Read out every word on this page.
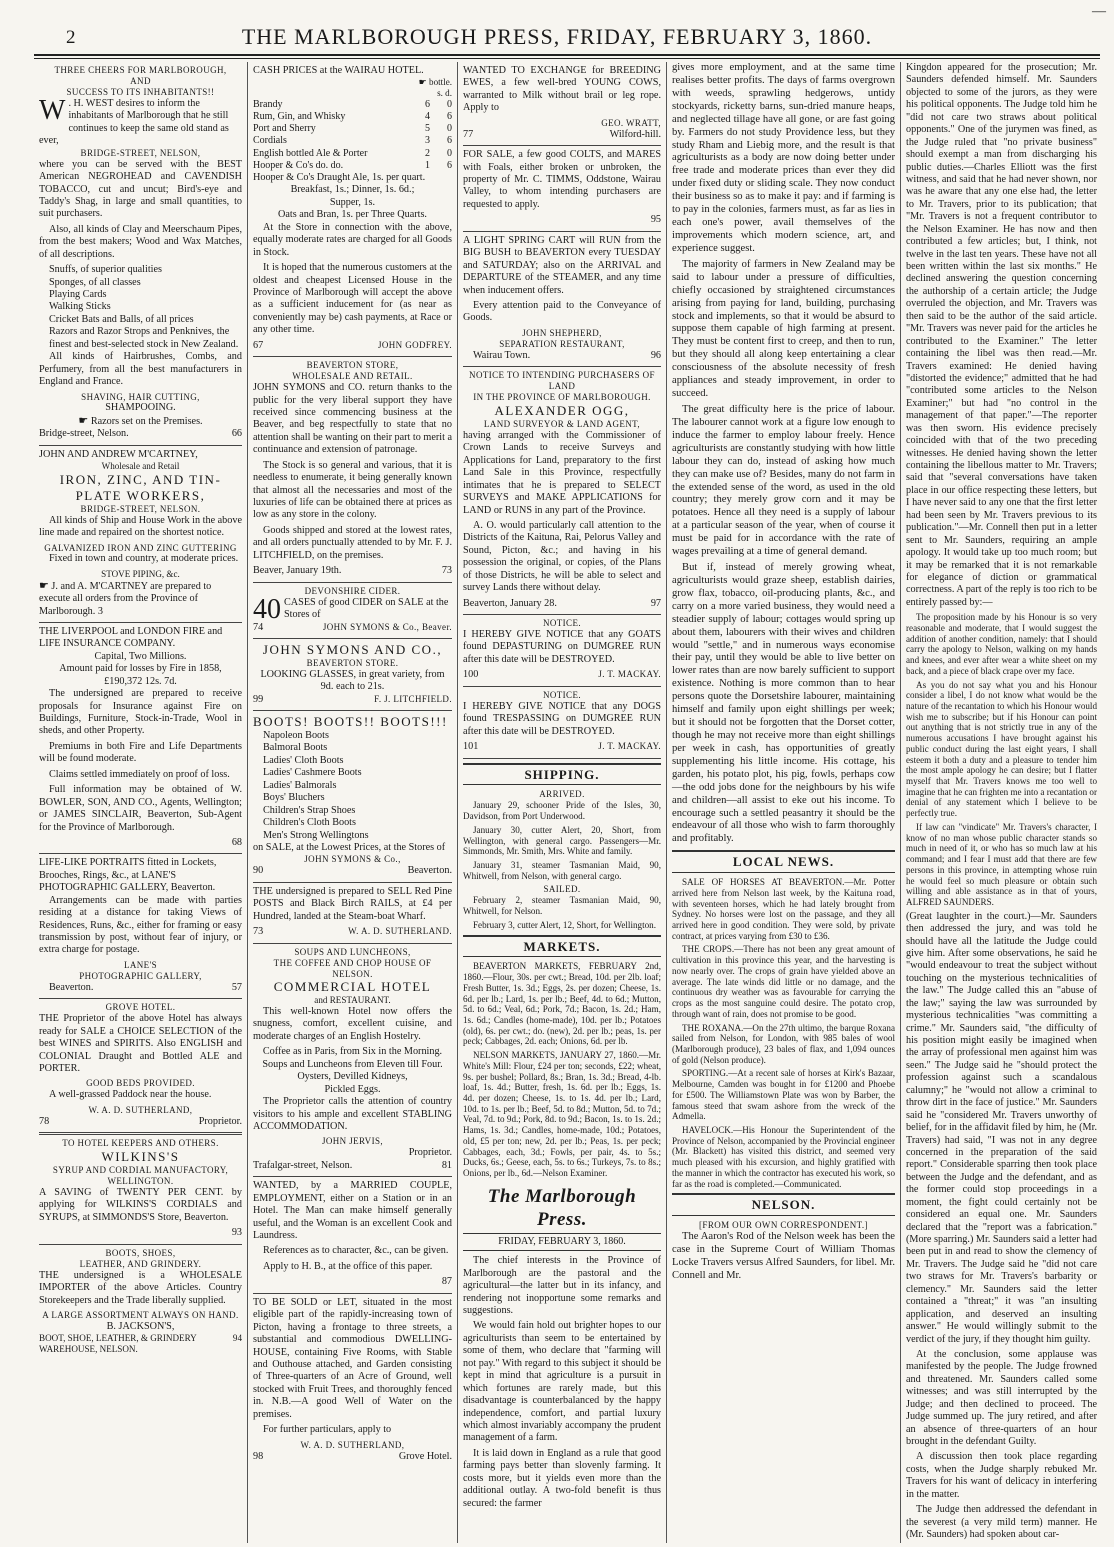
2	THE MARLBOROUGH PRESS, FRIDAY, FEBRUARY 3, 1860.
—
THREE CHEERS FOR MARLBOROUGH,
AND
SUCCESS TO ITS INHABITANTS!!
W . H. WEST desires to inform the inhabitants of Marlborough that he still continues to keep the same old stand as ever,
BRIDGE-STREET, NELSON,

where you can be served with the BEST American NEGROHEAD and CAVENDISH TOBACCO, cut and uncut; Bird's-eye and Taddy's Shag, in large and small quantities, to suit purchasers.

Also, all kinds of Clay and Meerschaum Pipes, from the best makers; Wood and Wax Matches, of all descriptions.

Snuffs, of superior qualities
Sponges, of all classes
Playing Cards
Walking Sticks
Cricket Bats and Balls, of all prices
Razors and Razor Strops and Penknives, the finest and best-selected stock in New Zealand.

All kinds of Hairbrushes, Combs, and Perfumery, from all the best manufacturers in England and France.

SHAVING, HAIR CUTTING,
SHAMPOOING.
☛ Razors set on the Premises.
Bridge-street, Nelson.	66
JOHN AND ANDREW M'CARTNEY,
Wholesale and Retail
IRON, ZINC, AND TIN-PLATE WORKERS,
BRIDGE-STREET, NELSON.

All kinds of Ship and House Work in the above line made and repaired on the shortest notice.

GALVANIZED IRON AND ZINC GUTTERING

Fixed in town and country, at moderate prices.

STOVE PIPING, &c.
☛ J. and A. M'CARTNEY are prepared to execute all orders from the Province of Marlborough. 3
THE LIVERPOOL and LONDON FIRE and LIFE INSURANCE COMPANY.
Capital, Two Millions.
Amount paid for losses by Fire in 1858, £190,372 12s. 7d.

The undersigned are prepared to receive proposals for Insurance against Fire on Buildings, Furniture, Stock-in-Trade, Wool in sheds, and other Property.

Premiums in both Fire and Life Departments will be found moderate.

Claims settled immediately on proof of loss.

Full information may be obtained of W. BOWLER, SON, AND CO., Agents, Wellington; or JAMES SINCLAIR, Beaverton, Sub-Agent for the Province of Marlborough.

68
LIFE-LIKE PORTRAITS fitted in Lockets, Brooches, Rings, &c., at LANE'S PHOTOGRAPHIC GALLERY, Beaverton.

Arrangements can be made with parties residing at a distance for taking Views of Residences, Runs, &c., either for framing or easy transmission by post, without fear of injury, or extra charge for postage.

LANE'S
PHOTOGRAPHIC GALLERY,
Beaverton.	57
GROVE HOTEL.

THE Proprietor of the above Hotel has always ready for SALE a CHOICE SELECTION of the best WINES and SPIRITS. Also ENGLISH and COLONIAL Draught and Bottled ALE and PORTER.

GOOD BEDS PROVIDED.

A well-grassed Paddock near the house.

W. A. D. SUTHERLAND,
78	Proprietor.
TO HOTEL KEEPERS AND OTHERS.
WILKINS'S
SYRUP AND CORDIAL MANUFACTORY, WELLINGTON.

A SAVING of TWENTY PER CENT. by applying for WILKINS'S CORDIALS and SYRUPS, at SIMMONDS'S Store, Beaverton.

93
BOOTS, SHOES,
LEATHER, AND GRINDERY.

THE undersigned is a WHOLESALE IMPORTER of the above Articles. Country Storekeepers and the Trade liberally supplied.

A LARGE ASSORTMENT ALWAYS ON HAND.
B. JACKSON'S,
BOOT, SHOE, LEATHER, & GRINDERY WAREHOUSE, NELSON.
94
CASH PRICES at the WAIRAU HOTEL.
☛ bottle.
s. d.
Brandy	6	0
Rum, Gin, and Whisky	4	6
Port and Sherry	5	0
Cordials	3	6
English bottled Ale & Porter	2	0
Hooper & Co's do. do.	1	6
Hooper & Co's Draught Ale, 1s. per quart.
Breakfast, 1s.; Dinner, 1s. 6d.;
Supper, 1s.
Oats and Bran, 1s. per Three Quarts.

At the Store in connection with the above, equally moderate rates are charged for all Goods in Stock.

It is hoped that the numerous customers at the oldest and cheapest Licensed House in the Province of Marlborough will accept the above as a sufficient inducement for (as near as conveniently may be) cash payments, at Race or any other time.

67	JOHN GODFREY.
BEAVERTON STORE,
WHOLESALE AND RETAIL.

JOHN SYMONS and CO. return thanks to the public for the very liberal support they have received since commencing business at the Beaver, and beg respectfully to state that no attention shall be wanting on their part to merit a continuance and extension of patronage.

The Stock is so general and various, that it is needless to enumerate, it being generally known that almost all the necessaries and most of the luxuries of life can be obtained there at prices as low as any store in the colony.

Goods shipped and stored at the lowest rates, and all orders punctually attended to by Mr. F. J. LITCHFIELD, on the premises.

Beaver, January 19th.	73
DEVONSHIRE CIDER.
40 CASES of good CIDER on SALE at the Stores of
74	JOHN SYMONS & Co., Beaver.
JOHN SYMONS AND CO.,
BEAVERTON STORE.
LOOKING GLASSES, in great variety, from 9d. each to 21s.
99	F. J. LITCHFIELD.
BOOTS! BOOTS!! BOOTS!!!
Napoleon Boots
Balmoral Boots
Ladies' Cloth Boots
Ladies' Cashmere Boots
Ladies' Balmorals
Boys' Bluchers
Children's Strap Shoes
Children's Cloth Boots
Men's Strong Wellingtons
on SALE, at the Lowest Prices, at the Stores of
JOHN SYMONS & Co.,
90	Beaverton.

THE undersigned is prepared to SELL Red Pine POSTS and Black Birch RAILS, at £4 per Hundred, landed at the Steam-boat Wharf.

73	W. A. D. SUTHERLAND.
SOUPS AND LUNCHEONS,
THE COFFEE AND CHOP HOUSE OF NELSON.
COMMERCIAL HOTEL
and RESTAURANT.

This well-known Hotel now offers the snugness, comfort, excellent cuisine, and moderate charges of an English Hostelry.

Coffee as in Paris, from Six in the Morning.
Soups and Luncheons from Eleven till Four.
Oysters, Devilled Kidneys,
Pickled Eggs.

The Proprietor calls the attention of country visitors to his ample and excellent STABLING ACCOMMODATION.

JOHN JERVIS,
Proprietor.
Trafalgar-street, Nelson.	81

WANTED, by a MARRIED COUPLE, EMPLOYMENT, either on a Station or in an Hotel. The Man can make himself generally useful, and the Woman is an excellent Cook and Laundress.

References as to character, &c., can be given.

Apply to H. B., at the office of this paper.

87

TO BE SOLD or LET, situated in the most eligible part of the rapidly-increasing town of Picton, having a frontage to three streets, a substantial and commodious DWELLING-HOUSE, containing Five Rooms, with Stable and Outhouse attached, and Garden consisting of Three-quarters of an Acre of Ground, well stocked with Fruit Trees, and thoroughly fenced in. N.B.—A good Well of Water on the premises.

For further particulars, apply to

W. A. D. SUTHERLAND,
98	Grove Hotel.

WANTED TO EXCHANGE for BREEDING EWES, a few well-bred YOUNG COWS, warranted to Milk without brail or leg rope. Apply to

GEO. WRATT,
77	Wilford-hill.

FOR SALE, a few good COLTS, and MARES with Foals, either broken or unbroken, the property of Mr. C. TIMMS, Oddstone, Wairau Valley, to whom intending purchasers are requested to apply.

95

A LIGHT SPRING CART will RUN from the BIG BUSH to BEAVERTON every TUESDAY and SATURDAY; also on the ARRIVAL and DEPARTURE of the STEAMER, and any time when inducement offers.

Every attention paid to the Conveyance of Goods.

JOHN SHEPHERD,
SEPARATION RESTAURANT,
Wairau Town.	96
NOTICE TO INTENDING PURCHASERS OF LAND
IN THE PROVINCE OF MARLBOROUGH.
ALEXANDER OGG,
LAND SURVEYOR & LAND AGENT,

having arranged with the Commissioner of Crown Lands to receive Surveys and Applications for Land, preparatory to the first Land Sale in this Province, respectfully intimates that he is prepared to SELECT SURVEYS and MAKE APPLICATIONS for LAND or RUNS in any part of the Province.

A. O. would particularly call attention to the Districts of the Kaituna, Rai, Pelorus Valley and Sound, Picton, &c.; and having in his possession the original, or copies, of the Plans of those Districts, he will be able to select and survey Lands there without delay.

Beaverton, January 28.	97
NOTICE.

I HEREBY GIVE NOTICE that any GOATS found DEPASTURING on DUMGREE RUN after this date will be DESTROYED.

100	J. T. MACKAY.
NOTICE.

I HEREBY GIVE NOTICE that any DOGS found TRESPASSING on DUMGREE RUN after this date will be DESTROYED.

101	J. T. MACKAY.
SHIPPING.
ARRIVED.

January 29, schooner Pride of the Isles, 30, Davidson, from Port Underwood.

January 30, cutter Alert, 20, Short, from Wellington, with general cargo. Passengers—Mr. Simmonds, Mr. Smith, Mrs. White and family.

January 31, steamer Tasmanian Maid, 90, Whitwell, from Nelson, with general cargo.

SAILED.

February 2, steamer Tasmanian Maid, 90, Whitwell, for Nelson.

February 3, cutter Alert, 12, Short, for Wellington.

MARKETS.

BEAVERTON MARKETS, FEBRUARY 2nd, 1860.—Flour, 30s. per cwt.; Bread, 10d. per 2lb. loaf; Fresh Butter, 1s. 3d.; Eggs, 2s. per dozen; Cheese, 1s. 6d. per lb.; Lard, 1s. per lb.; Beef, 4d. to 6d.; Mutton, 5d. to 6d.; Veal, 6d.; Pork, 7d.; Bacon, 1s. 2d.; Ham, 1s. 6d.; Candles (home-made), 10d. per lb.; Potatoes (old), 6s. per cwt.; do. (new), 2d. per lb.; peas, 1s. per peck; Cabbages, 2d. each; Onions, 6d. per lb.

NELSON MARKETS, JANUARY 27, 1860.—Mr. White's Mill: Flour, £24 per ton; seconds, £22; wheat, 9s. per bushel; Pollard, 8s.; Bran, 1s. 3d.; Bread, 4-lb. loaf, 1s. 4d.; Butter, fresh, 1s. 6d. per lb.; Eggs, 1s. 4d. per dozen; Cheese, 1s. to 1s. 4d. per lb.; Lard, 10d. to 1s. per lb.; Beef, 5d. to 8d.; Mutton, 5d. to 7d.; Veal, 7d. to 9d.; Pork, 8d. to 9d.; Bacon, 1s. to 1s. 2d.; Hams, 1s. 3d.; Candles, home-made, 10d.; Potatoes, old, £5 per ton; new, 2d. per lb.; Peas, 1s. per peck; Cabbages, each, 3d.; Fowls, per pair, 4s. to 5s.; Ducks, 6s.; Geese, each, 5s. to 6s.; Turkeys, 7s. to 8s.; Onions, per lb., 6d.—Nelson Examiner.

The Marlborough Press.
FRIDAY, FEBRUARY 3, 1860.

The chief interests in the Province of Marlborough are the pastoral and the agricultural—the latter but in its infancy, and rendering not inopportune some remarks and suggestions.

We would fain hold out brighter hopes to our agriculturists than seem to be entertained by some of them, who declare that "farming will not pay." With regard to this subject it should be kept in mind that agriculture is a pursuit in which fortunes are rarely made, but this disadvantage is counterbalanced by the happy independence, comfort, and partial luxury which almost invariably accompany the prudent management of a farm.

It is laid down in England as a rule that good farming pays better than slovenly farming. It costs more, but it yields even more than the additional outlay. A two-fold benefit is thus secured: the farmer

gives more employment, and at the same time realises better profits. The days of farms overgrown with weeds, sprawling hedgerows, untidy stockyards, ricketty barns, sun-dried manure heaps, and neglected tillage have all gone, or are fast going by. Farmers do not study Providence less, but they study Rham and Liebig more, and the result is that agriculturists as a body are now doing better under free trade and moderate prices than ever they did under fixed duty or sliding scale. They now conduct their business so as to make it pay: and if farming is to pay in the colonies, farmers must, as far as lies in each one's power, avail themselves of the improvements which modern science, art, and experience suggest.

The majority of farmers in New Zealand may be said to labour under a pressure of difficulties, chiefly occasioned by straightened circumstances arising from paying for land, building, purchasing stock and implements, so that it would be absurd to suppose them capable of high farming at present. They must be content first to creep, and then to run, but they should all along keep entertaining a clear consciousness of the absolute necessity of fresh appliances and steady improvement, in order to succeed.

The great difficulty here is the price of labour. The labourer cannot work at a figure low enough to induce the farmer to employ labour freely. Hence agriculturists are constantly studying with how little labour they can do, instead of asking how much they can make use of? Besides, many do not farm in the extended sense of the word, as used in the old country; they merely grow corn and it may be potatoes. Hence all they need is a supply of labour at a particular season of the year, when of course it must be paid for in accordance with the rate of wages prevailing at a time of general demand.

But if, instead of merely growing wheat, agriculturists would graze sheep, establish dairies, grow flax, tobacco, oil-producing plants, &c., and carry on a more varied business, they would need a steadier supply of labour; cottages would spring up about them, labourers with their wives and children would "settle," and in numerous ways economise their pay, until they would be able to live better on lower rates than are now barely sufficient to support existence. Nothing is more common than to hear persons quote the Dorsetshire labourer, maintaining himself and family upon eight shillings per week; but it should not be forgotten that the Dorset cotter, though he may not receive more than eight shillings per week in cash, has opportunities of greatly supplementing his little income. His cottage, his garden, his potato plot, his pig, fowls, perhaps cow—the odd jobs done for the neighbours by his wife and children—all assist to eke out his income. To encourage such a settled peasantry it should be the endeavour of all those who wish to farm thoroughly and profitably.

LOCAL NEWS.

SALE OF HORSES AT BEAVERTON.—Mr. Potter arrived here from Nelson last week, by the Kaituna road, with seventeen horses, which he had lately brought from Sydney. No horses were lost on the passage, and they all arrived here in good condition. They were sold, by private contract, at prices varying from £30 to £36.

THE CROPS.—There has not been any great amount of cultivation in this province this year, and the harvesting is now nearly over. The crops of grain have yielded above an average. The late winds did little or no damage, and the continuous dry weather was as favourable for carrying the crops as the most sanguine could desire. The potato crop, through want of rain, does not promise to be good.

THE ROXANA.—On the 27th ultimo, the barque Roxana sailed from Nelson, for London, with 985 bales of wool (Marlborough produce), 23 bales of flax, and 1,094 ounces of gold (Nelson produce).

SPORTING.—At a recent sale of horses at Kirk's Bazaar, Melbourne, Camden was bought in for £1200 and Phoebe for £500. The Williamstown Plate was won by Barber, the famous steed that swam ashore from the wreck of the Admella.

HAVELOCK.—His Honour the Superintendent of the Province of Nelson, accompanied by the Provincial engineer (Mr. Blackett) has visited this district, and seemed very much pleased with his excursion, and highly gratified with the manner in which the contractor has executed his work, so far as the road is completed.—Communicated.

NELSON.
[FROM OUR OWN CORRESPONDENT.]

The Aaron's Rod of the Nelson week has been the case in the Supreme Court of William Thomas Locke Travers versus Alfred Saunders, for libel. Mr. Connell and Mr.

Kingdon appeared for the prosecution; Mr. Saunders defended himself. Mr. Saunders objected to some of the jurors, as they were his political opponents. The Judge told him he "did not care two straws about political opponents." One of the jurymen was fined, as the Judge ruled that "no private business" should exempt a man from discharging his public duties.—Charles Elliott was the first witness, and said that he had never shown, nor was he aware that any one else had, the letter to Mr. Travers, prior to its publication; that "Mr. Travers is not a frequent contributor to the Nelson Examiner. He has now and then contributed a few articles; but, I think, not twelve in the last ten years. These have not all been written within the last six months." He declined answering the question concerning the authorship of a certain article; the Judge overruled the objection, and Mr. Travers was then said to be the author of the said article. "Mr. Travers was never paid for the articles he contributed to the Examiner." The letter containing the libel was then read.—Mr. Travers examined: He denied having "distorted the evidence;" admitted that he had "contributed some articles to the Nelson Examiner;" but had "no control in the management of that paper."—The reporter was then sworn. His evidence precisely coincided with that of the two preceding witnesses. He denied having shown the letter containing the libellous matter to Mr. Travers; said that "several conversations have taken place in our office respecting these letters, but I have never said to any one that the first letter had been seen by Mr. Travers previous to its publication."—Mr. Connell then put in a letter sent to Mr. Saunders, requiring an ample apology. It would take up too much room; but it may be remarked that it is not remarkable for elegance of diction or grammatical correctness. A part of the reply is too rich to be entirely passed by:—

The proposition made by his Honour is so very reasonable and moderate, that I would suggest the addition of another condition, namely: that I should carry the apology to Nelson, walking on my hands and knees, and ever after wear a white sheet on my back, and a piece of black crape over my face.

As you do not say what you and his Honour consider a libel, I do not know what would be the nature of the recantation to which his Honour would wish me to subscribe; but if his Honour can point out anything that is not strictly true in any of the numerous accusations I have brought against his public conduct during the last eight years, I shall esteem it both a duty and a pleasure to tender him the most ample apology he can desire; but I flatter myself that Mr. Travers knows me too well to imagine that he can frighten me into a recantation or denial of any statement which I believe to be perfectly true.

If law can "vindicate" Mr. Travers's character, I know of no man whose public character stands so much in need of it, or who has so much law at his command; and I fear I must add that there are few persons in this province, in attempting whose ruin he would feel so much pleasure or obtain such willing and able assistance as in that of yours, ALFRED SAUNDERS.

(Great laughter in the court.)—Mr. Saunders then addressed the jury, and was told he should have all the latitude the Judge could give him. After some observations, he said he "would endeavour to treat the subject without touching on the mysterious technicalities of the law." The Judge called this an "abuse of the law;" saying the law was surrounded by mysterious technicalities "was committing a crime." Mr. Saunders said, "the difficulty of his position might easily be imagined when the array of professional men against him was seen." The Judge said he "should protect the profession against such a scandalous calumny;" he "would not allow a criminal to throw dirt in the face of justice." Mr. Saunders said he "considered Mr. Travers unworthy of belief, for in the affidavit filed by him, he (Mr. Travers) had said, "I was not in any degree concerned in the preparation of the said report." Considerable sparring then took place between the Judge and the defendant, and as the former could stop proceedings in a moment, the fight could certainly not be considered an equal one. Mr. Saunders declared that the "report was a fabrication." (More sparring.) Mr. Saunders said a letter had been put in and read to show the clemency of Mr. Travers. The Judge said he "did not care two straws for Mr. Travers's barbarity or clemency." Mr. Saunders said the letter contained a "threat;" it was "an insulting application, and deserved an insulting answer." He would willingly submit to the verdict of the jury, if they thought him guilty.

At the conclusion, some applause was manifested by the people. The Judge frowned and threatened. Mr. Saunders called some witnesses; and was still interrupted by the Judge; and then declined to proceed. The Judge summed up. The jury retired, and after an absence of three-quarters of an hour brought in the defendant Guilty.

A discussion then took place regarding costs, when the Judge sharply rebuked Mr. Travers for his want of delicacy in interfering in the matter.

The Judge then addressed the defendant in the severest (a very mild term) manner. He (Mr. Saunders) had spoken about car-
